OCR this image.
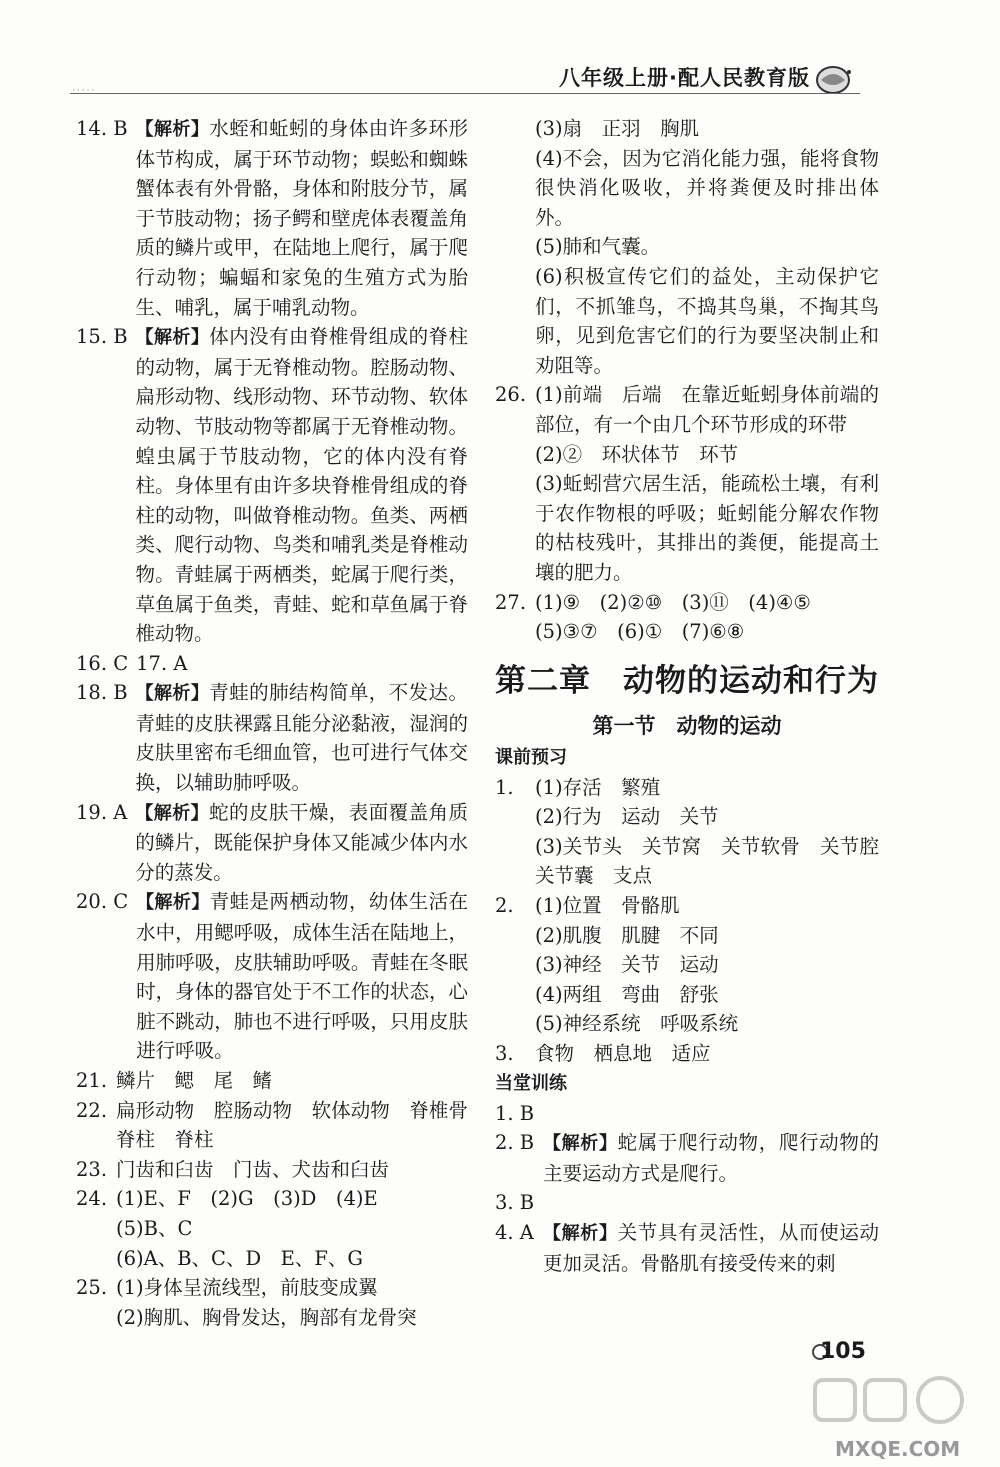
·····
八年级上册·配人民教育版
14. B 【解析】水蛭和蚯蚓的身体由许多环形体节构成，属于环节动物；蜈蚣和蜘蛛蟹体表有外骨骼，身体和附肢分节，属于节肢动物；扬子鳄和壁虎体表覆盖角质的鳞片或甲，在陆地上爬行，属于爬行动物；蝙蝠和家兔的生殖方式为胎生、哺乳，属于哺乳动物。
15. B 【解析】体内没有由脊椎骨组成的脊柱的动物，属于无脊椎动物。腔肠动物、扁形动物、线形动物、环节动物、软体动物、节肢动物等都属于无脊椎动物。蝗虫属于节肢动物，它的体内没有脊柱。身体里有由许多块脊椎骨组成的脊柱的动物，叫做脊椎动物。鱼类、两栖类、爬行动物、鸟类和哺乳类是脊椎动物。青蛙属于两栖类，蛇属于爬行类，草鱼属于鱼类，青蛙、蛇和草鱼属于脊椎动物。
16. C 17. A
18. B 【解析】青蛙的肺结构简单，不发达。青蛙的皮肤裸露且能分泌黏液，湿润的皮肤里密布毛细血管，也可进行气体交换，以辅助肺呼吸。
19. A 【解析】蛇的皮肤干燥，表面覆盖角质的鳞片，既能保护身体又能减少体内水分的蒸发。
20. C 【解析】青蛙是两栖动物，幼体生活在水中，用鳃呼吸，成体生活在陆地上，用肺呼吸，皮肤辅助呼吸。青蛙在冬眠时，身体的器官处于不工作的状态，心脏不跳动，肺也不进行呼吸，只用皮肤进行呼吸。
21. 鳞片　鳃　尾　鳍
22. 扁形动物　腔肠动物　软体动物　脊椎骨　脊柱　脊柱
23. 门齿和臼齿　门齿、犬齿和臼齿
24. (1)E、F　(2)G　(3)D　(4)E
(5)B、C
(6)A、B、C、D　E、F、G
25. (1)身体呈流线型，前肢变成翼
(2)胸肌、胸骨发达，胸部有龙骨突
(3)扇　正羽　胸肌
(4)不会，因为它消化能力强，能将食物很快消化吸收，并将粪便及时排出体外。
(5)肺和气囊。
(6)积极宣传它们的益处，主动保护它们，不抓雏鸟，不捣其鸟巢，不掏其鸟卵，见到危害它们的行为要坚决制止和劝阻等。
26. (1)前端　后端　在靠近蚯蚓身体前端的部位，有一个由几个环节形成的环带
(2)②　环状体节　环节
(3)蚯蚓营穴居生活，能疏松土壤，有利于农作物根的呼吸；蚯蚓能分解农作物的枯枝残叶，其排出的粪便，能提高土壤的肥力。
27. (1)⑨　(2)②⑩　(3)⑪　(4)④⑤
(5)③⑦　(6)①　(7)⑥⑧
第二章　动物的运动和行为
第一节　动物的运动
课前预习
1.	(1)存活　繁殖
(2)行为　运动　关节
(3)关节头　关节窝　关节软骨　关节腔　关节囊　支点
2.	(1)位置　骨骼肌
(2)肌腹　肌腱　不同
(3)神经　关节　运动
(4)两组　弯曲　舒张
(5)神经系统　呼吸系统
3.	食物　栖息地　适应
当堂训练
1. B
2. B 【解析】蛇属于爬行动物，爬行动物的主要运动方式是爬行。
3. B
4. A 【解析】关节具有灵活性，从而使运动更加灵活。骨骼肌有接受传来的刺
105
MXQE.COM
